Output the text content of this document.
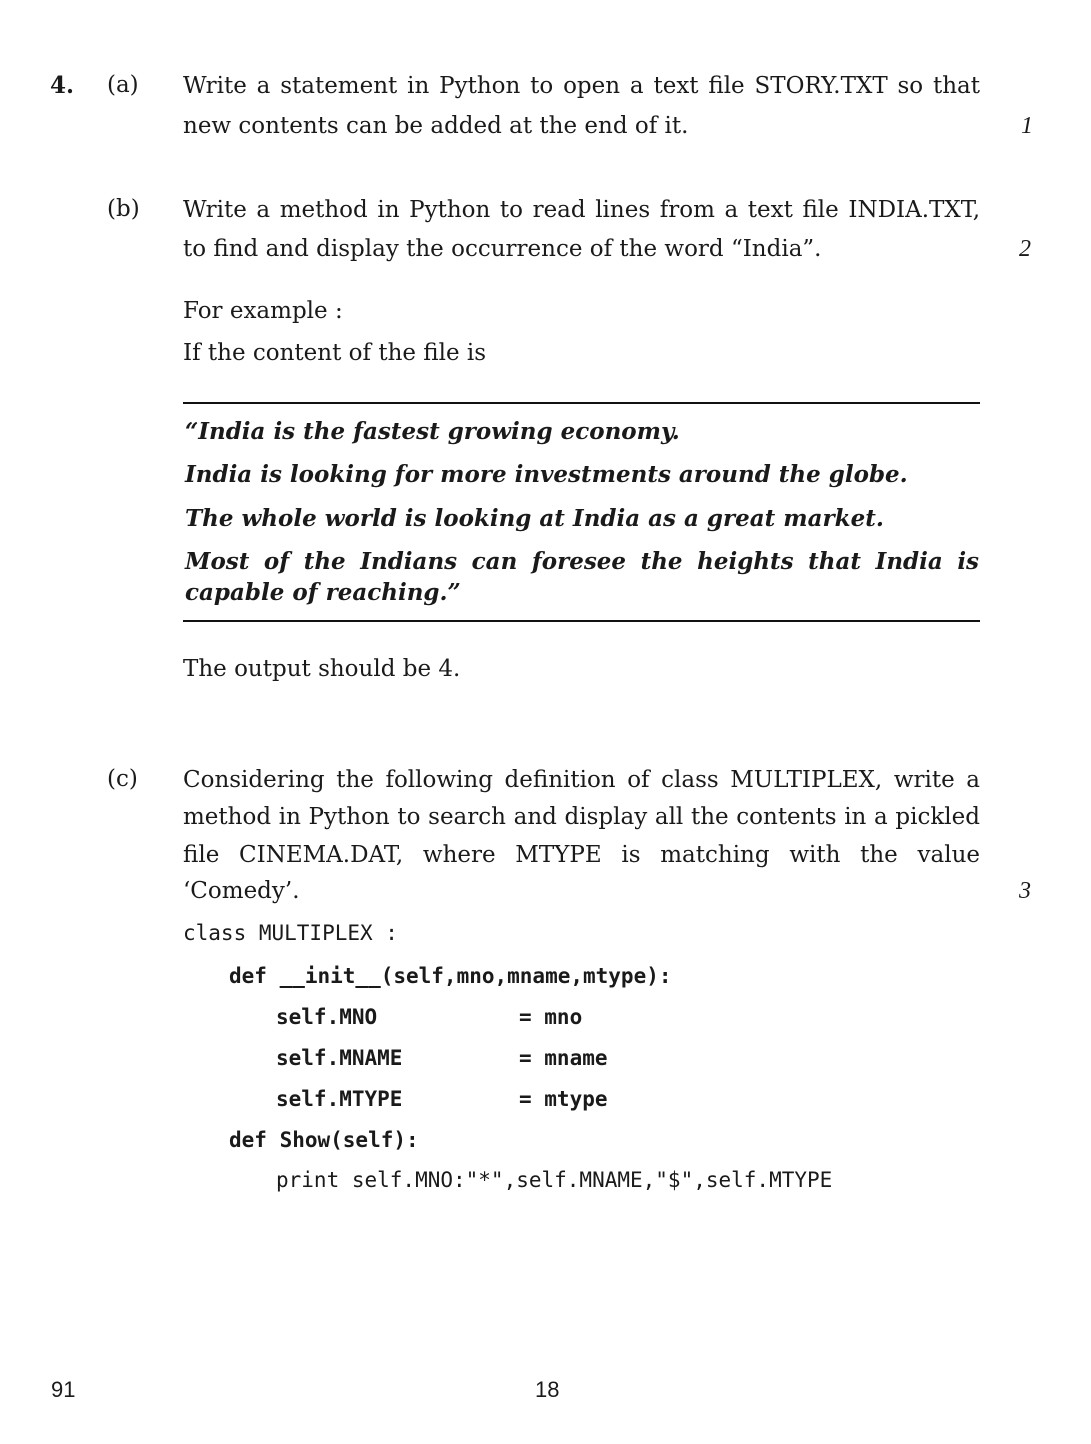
4. (a) Write a statement in Python to open a text file STORY.TXT so that
new contents can be added at the end of it.	1
(b) Write a method in Python to read lines from a text file INDIA.TXT,
to find and display the occurrence of the word “India”.	2
For example :
If the content of the file is
“India is the fastest growing economy.
India is looking for more investments around the globe.
The whole world is looking at India as a great market.
Most of the Indians can foresee the heights that India is
capable of reaching.”
The output should be 4.
(c) Considering the following definition of class MULTIPLEX, write a
method in Python to search and display all the contents in a pickled
file CINEMA.DAT, where MTYPE is matching with the value
‘Comedy’.	3
class MULTIPLEX :
def __init__(self,mno,mname,mtype):
self.MNO	= mno
self.MNAME	= mname
self.MTYPE	= mtype
def Show(self):
print self.MNO:"*",self.MNAME,"$",self.MTYPE
91	18
